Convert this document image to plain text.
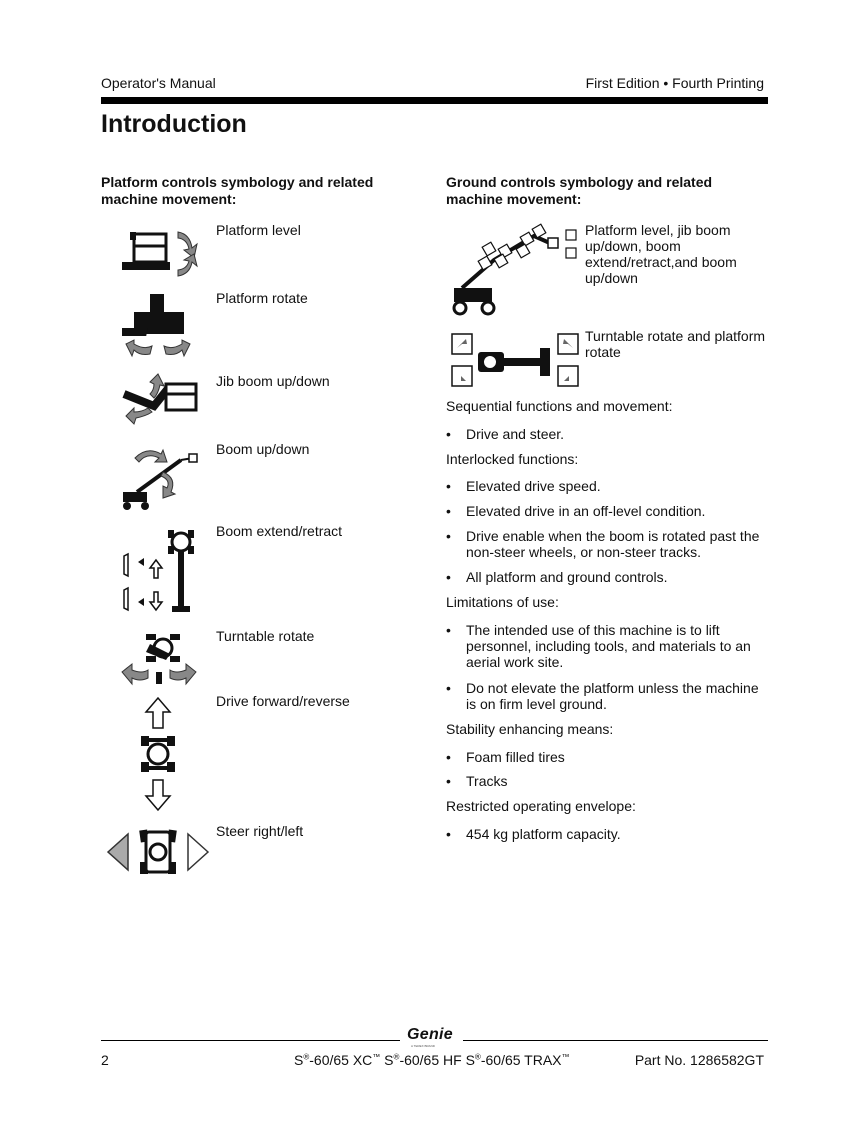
Operator's Manual	First Edition • Fourth Printing
Introduction
Platform controls symbology and related machine movement:
Ground controls symbology and related machine movement:
Platform level
Platform rotate
Jib boom up/down
Boom up/down
Boom extend/retract
Turntable rotate
Drive forward/reverse
Steer right/left
Platform level, jib boom up/down, boom extend/retract,and boom up/down
Turntable rotate and platform rotate

Sequential functions and movement:

• Drive and steer.

Interlocked functions:

• Elevated drive speed.
• Elevated drive in an off-level condition.
• Drive enable when the boom is rotated past the non-steer wheels, or non-steer tracks.
• All platform and ground controls.

Limitations of use:

• The intended use of this machine is to lift personnel, including tools, and materials to an aerial work site.
• Do not elevate the platform unless the machine is on firm level ground.

Stability enhancing means:

• Foam filled tires
• Tracks

Restricted operating envelope:

• 454 kg platform capacity.
Genie
A TEREX BRAND
2	S®-60/65 XC™ S®-60/65 HF S®-60/65 TRAX™	Part No. 1286582GT
